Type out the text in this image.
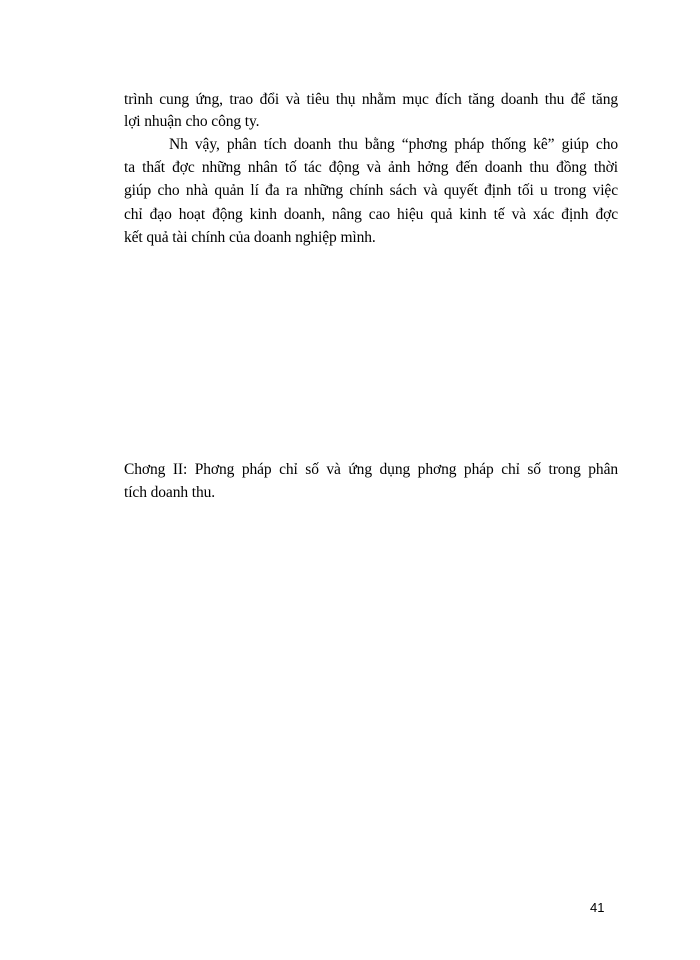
trình cung ứng, trao đổi và tiêu thụ nhằm mục đích tăng doanh thu để tăng
lợi nhuận cho công ty.
Nh vậy, phân tích doanh thu bằng “phơng pháp thống kê” giúp cho
ta thất đợc những nhân tố tác động và ảnh hởng đến doanh thu đồng thời
giúp cho nhà quản lí đa ra những chính sách và quyết định tối u trong việc
chỉ đạo hoạt động kinh doanh, nâng cao hiệu quả kinh tế và xác định đợc
kết quả tài chính của doanh nghiệp mình.
Chơng II: Phơng pháp chỉ số và ứng dụng phơng pháp chỉ số trong phân
tích doanh thu.
41
